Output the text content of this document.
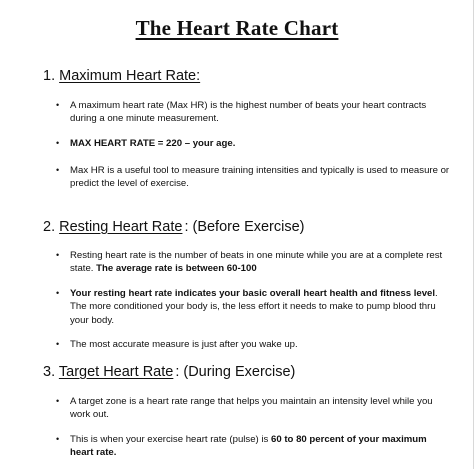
The Heart Rate Chart
1. Maximum Heart Rate:
• A maximum heart rate (Max HR) is the highest number of beats your heart contracts during a one minute measurement.
• MAX HEART RATE = 220 – your age.
• Max HR is a useful tool to measure training intensities and typically is used to measure or predict the level of exercise.
2. Resting Heart Rate : (Before Exercise)
• Resting heart rate is the number of beats in one minute while you are at a complete rest state. The average rate is between 60-100
• Your resting heart rate indicates your basic overall heart health and fitness level. The more conditioned your body is, the less effort it needs to make to pump blood thru your body.
• The most accurate measure is just after you wake up.
3. Target Heart Rate : (During Exercise)
• A target zone is a heart rate range that helps you maintain an intensity level while you work out.
• This is when your exercise heart rate (pulse) is 60 to 80 percent of your maximum heart rate.
